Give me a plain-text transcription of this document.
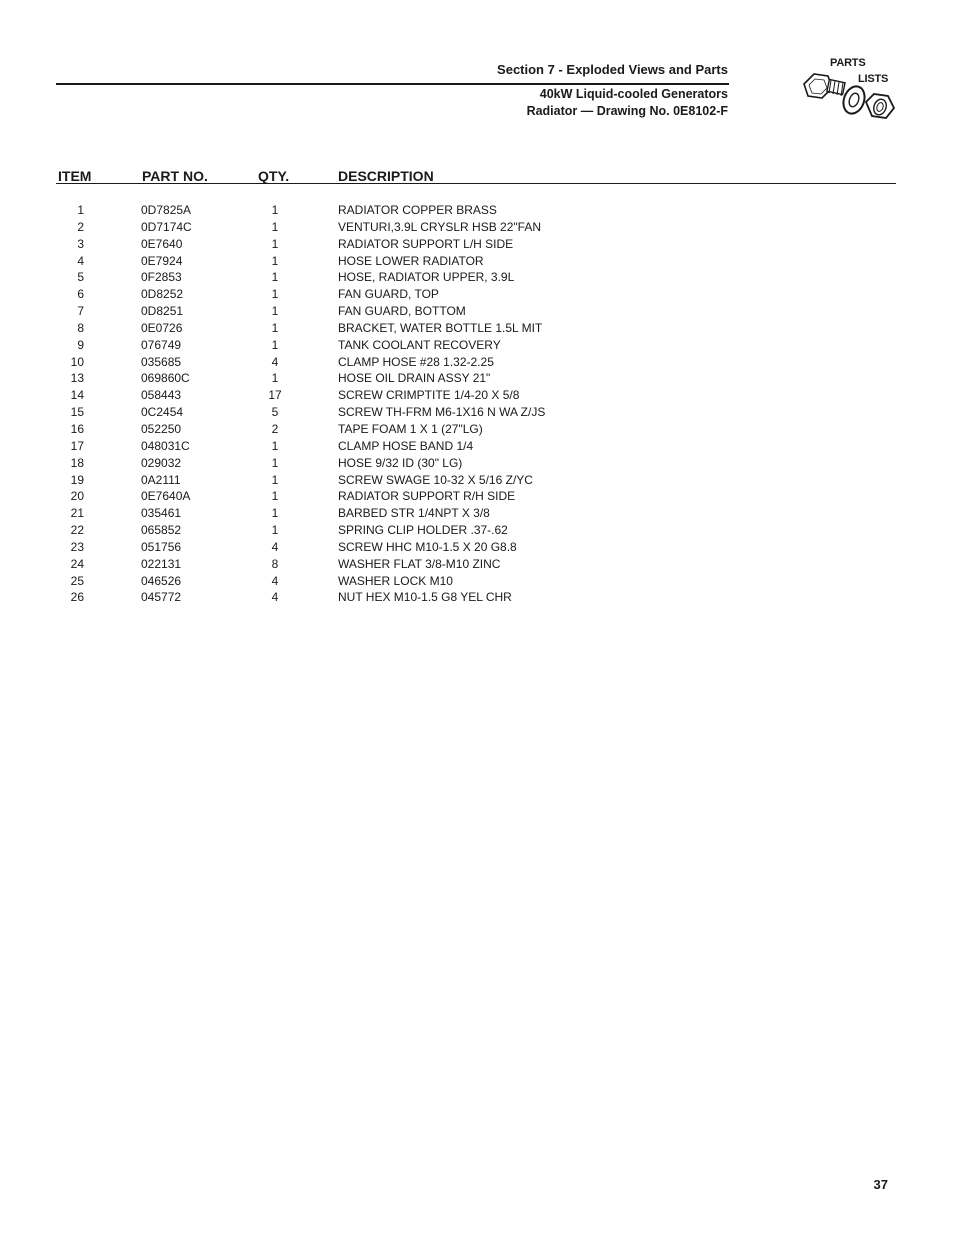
Section 7 - Exploded Views and Parts
40kW Liquid-cooled Generators
Radiator — Drawing No. 0E8102-F
PARTS
LISTS
ITEM	PART NO.	QTY.	DESCRIPTION
1	0D7825A	1	RADIATOR COPPER BRASS
2	0D7174C	1	VENTURI,3.9L CRYSLR HSB 22"FAN
3	0E7640	1	RADIATOR SUPPORT L/H SIDE
4	0E7924	1	HOSE LOWER RADIATOR
5	0F2853	1	HOSE, RADIATOR UPPER, 3.9L
6	0D8252	1	FAN GUARD, TOP
7	0D8251	1	FAN GUARD, BOTTOM
8	0E0726	1	BRACKET, WATER BOTTLE 1.5L MIT
9	076749	1	TANK COOLANT RECOVERY
10	035685	4	CLAMP HOSE #28 1.32-2.25
13	069860C	1	HOSE OIL DRAIN ASSY 21"
14	058443	17	SCREW CRIMPTITE 1/4-20 X 5/8
15	0C2454	5	SCREW TH-FRM M6-1X16 N WA Z/JS
16	052250	2	TAPE FOAM 1 X 1 (27"LG)
17	048031C	1	CLAMP HOSE BAND 1/4
18	029032	1	HOSE 9/32 ID (30" LG)
19	0A2111	1	SCREW SWAGE 10-32 X 5/16 Z/YC
20	0E7640A	1	RADIATOR SUPPORT R/H SIDE
21	035461	1	BARBED STR 1/4NPT X 3/8
22	065852	1	SPRING CLIP HOLDER .37-.62
23	051756	4	SCREW HHC M10-1.5 X 20 G8.8
24	022131	8	WASHER FLAT 3/8-M10 ZINC
25	046526	4	WASHER LOCK M10
26	045772	4	NUT HEX M10-1.5 G8 YEL CHR
37
